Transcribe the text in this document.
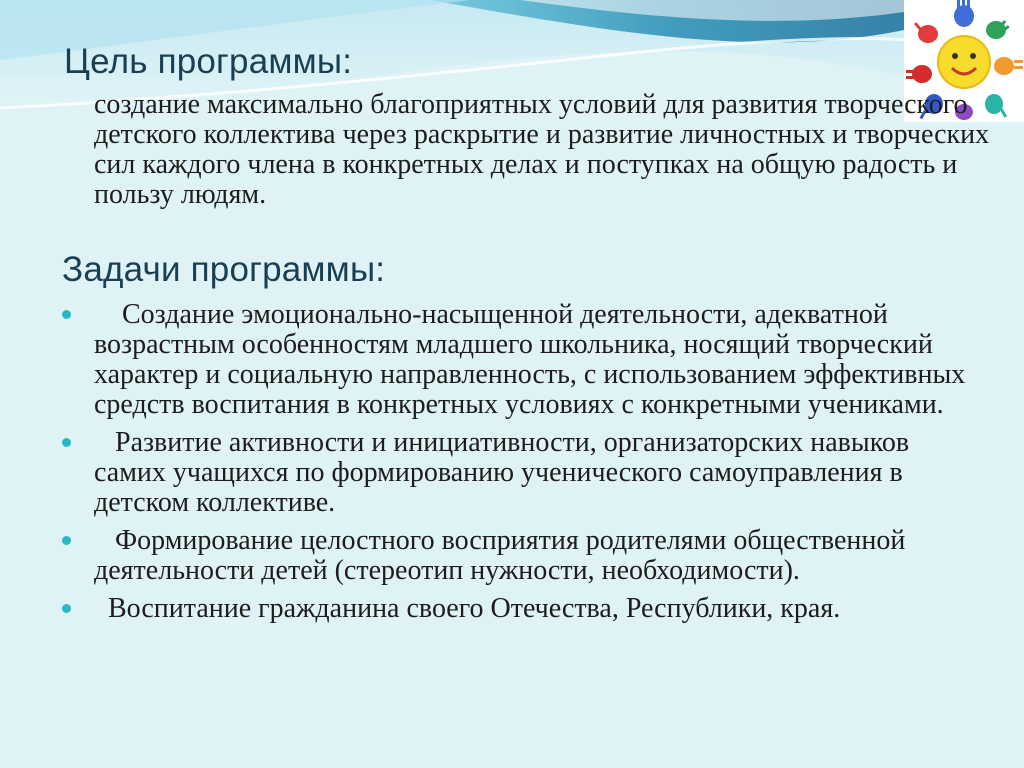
Цель программы:

создание максимально благоприятных условий для развития творческого детского коллектива через раскрытие и развитие личностных и творческих сил каждого члена в конкретных делах и поступках на общую радость и пользу людям.

Задачи программы:
Создание эмоционально-насыщенной деятельности, адекватной возрастным особенностям младшего школьника, носящий творческий характер и социальную направленность, с использованием эффективных средств воспитания в конкретных условиях с конкретными учениками.
Развитие активности и инициативности, организаторских навыков самих учащихся по формированию ученического самоуправления в детском коллективе.
Формирование целостного восприятия родителями общественной деятельности детей (стереотип нужности, необходимости).
Воспитание гражданина своего Отечества, Республики, края.
